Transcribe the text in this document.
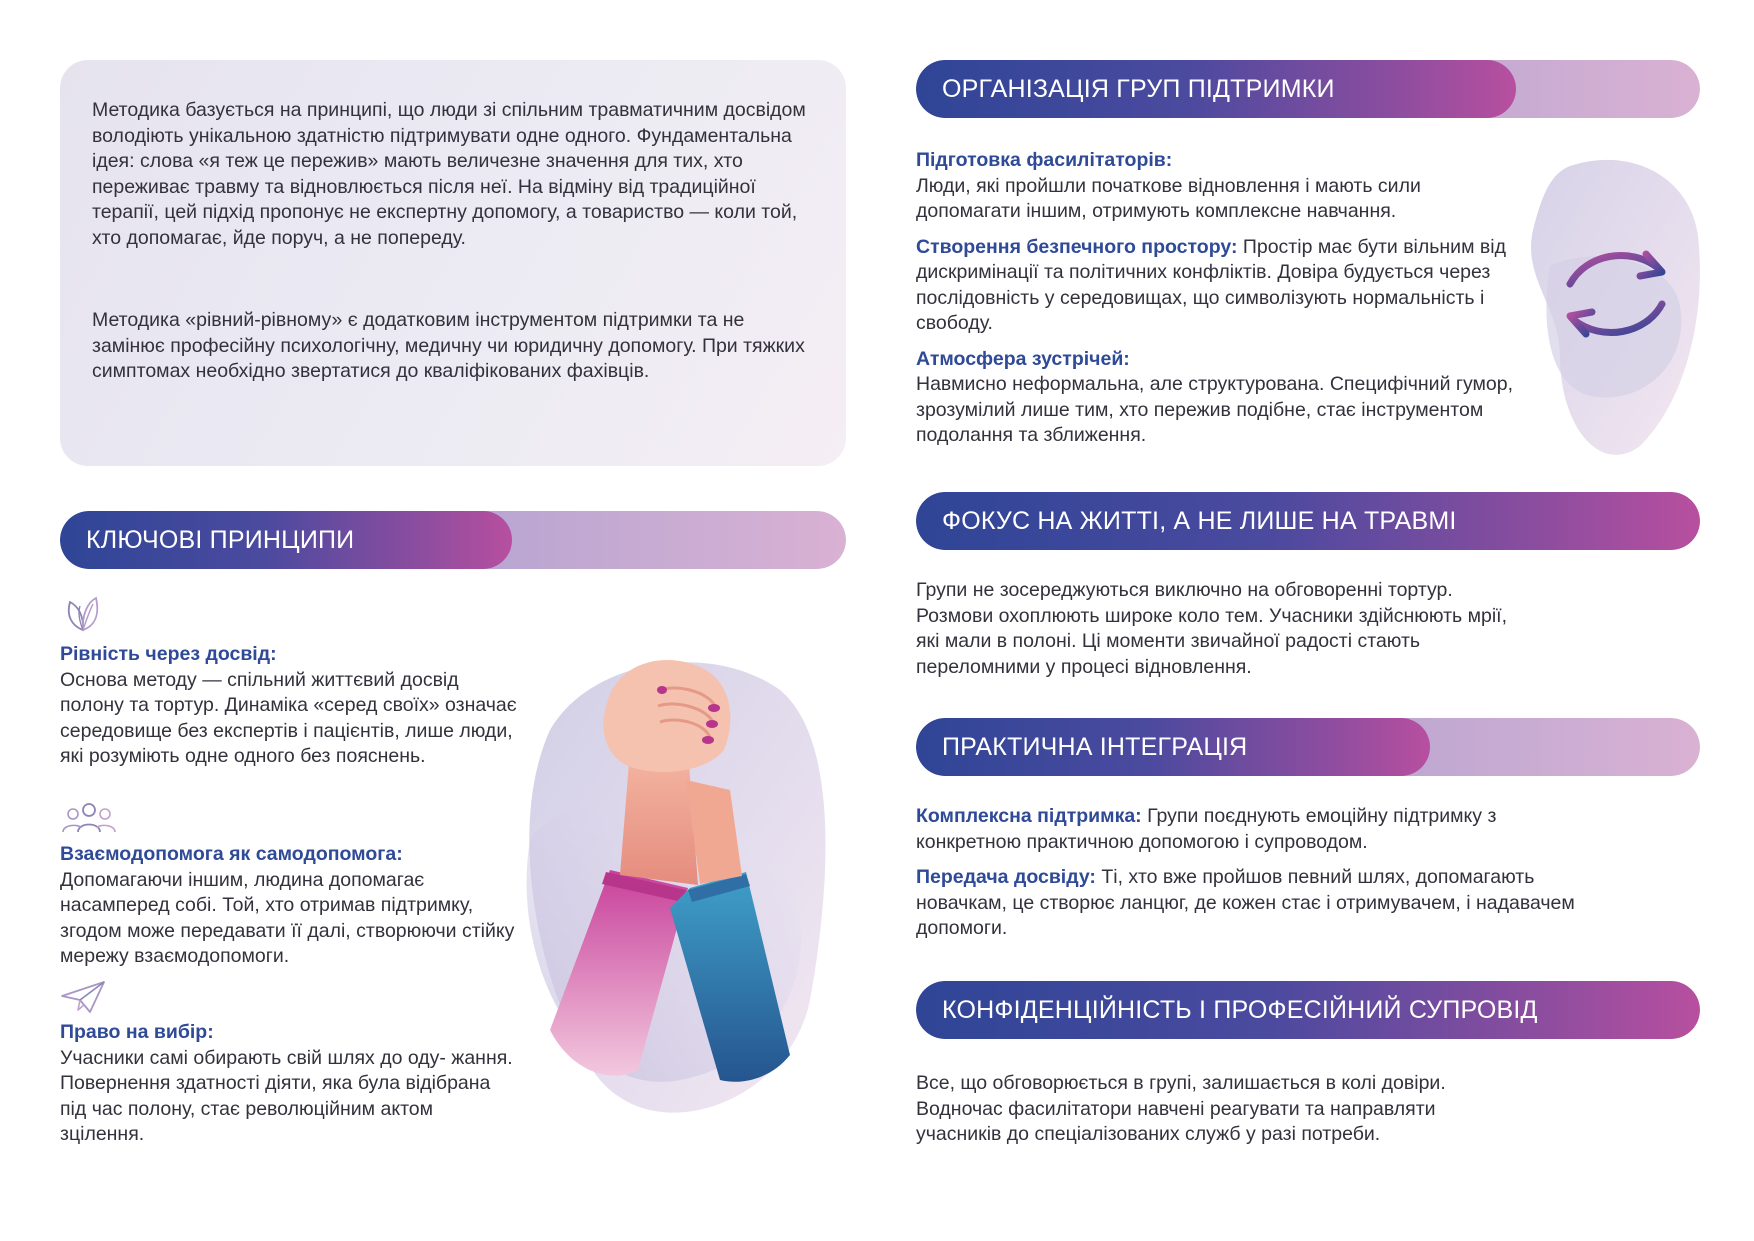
Методика базується на принципі, що люди зі спільним травматичним досвідом володіють унікальною здатністю підтримувати одне одного. Фундаментальна ідея: слова «я теж це пережив» мають величезне значення для тих, хто переживає травму та відновлюється після неї. На відміну від традиційної терапії, цей підхід пропонує не експертну допомогу, а товариство — коли той, хто допомагає, йде поруч, а не попереду.

Методика «рівний-рівному» є додатковим інструментом підтримки та не замінює професійну психологічну, медичну чи юридичну допомогу. При тяжких симптомах необхідно звертатися до кваліфікованих фахівців.

КЛЮЧОВІ ПРИНЦИПИ
Рівність через досвід:
Основа методу — спільний життєвий досвід полону та тортур. Динаміка «серед своїх» означає середовище без експертів і пацієнтів, лише люди, які розуміють одне одного без пояснень.
Взаємодопомога як самодопомога:
Допомагаючи іншим, людина допомагає насамперед собі. Той, хто отримав підтримку, згодом може передавати її далі, створюючи стійку мережу взаємодопомоги.
Право на вибір:
Учасники самі обирають свій шлях до оду- жання. Повернення здатності діяти, яка була відібрана під час полону, стає революційним актом зцілення.
ОРГАНІЗАЦІЯ ГРУП ПІДТРИМКИ

Підготовка фасилітаторів:
Люди, які пройшли початкове відновлення і мають сили допомагати іншим, отримують комплексне навчання.

Створення безпечного простору: Простір має бути вільним від дискримінації та політичних конфліктів. Довіра будується через послідовність у середовищах, що символізують нормальність і свободу.

Атмосфера зустрічей:
Навмисно неформальна, але структурована. Специфічний гумор, зрозумілий лише тим, хто пережив подібне, стає інструментом подолання та зближення.

ФОКУС НА ЖИТТІ, А НЕ ЛИШЕ НА ТРАВМІ
Групи не зосереджуються виключно на обговоренні тортур. Розмови охоплюють широке коло тем. Учасники здійснюють мрії, які мали в полоні. Ці моменти звичайної радості стають переломними у процесі відновлення.
ПРАКТИЧНА ІНТЕГРАЦІЯ

Комплексна підтримка: Групи поєднують емоційну підтримку з конкретною практичною допомогою і супроводом.

Передача досвіду: Ті, хто вже пройшов певний шлях, допомагають новачкам, це створює ланцюг, де кожен стає і отримувачем, і надавачем допомоги.

КОНФІДЕНЦІЙНІСТЬ І ПРОФЕСІЙНИЙ СУПРОВІД
Все, що обговорюється в групі, залишається в колі довіри. Водночас фасилітатори навчені реагувати та направляти учасників до спеціалізованих служб у разі потреби.
